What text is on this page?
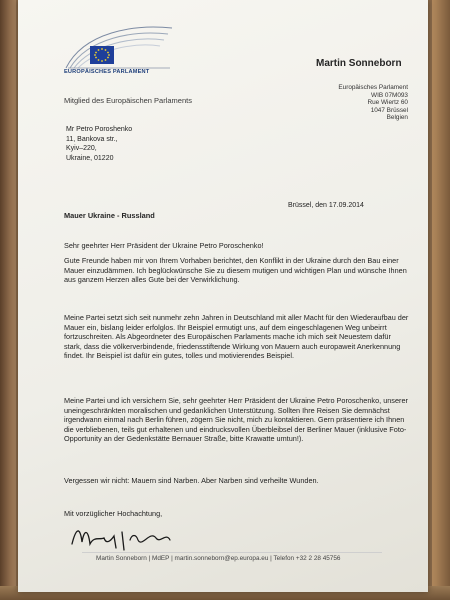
EUROPÄISCHES PARLAMENT
Mitglied des Europäischen Parlaments
Martin Sonneborn
Europäisches Parlament
WIB 07M093
Rue Wiertz 60
1047 Brüssel
Belgien
Mr Petro Poroshenko
11, Bankova str.,
Kyiv–220,
Ukraine, 01220
Brüssel, den 17.09.2014
Mauer Ukraine - Russland

Sehr geehrter Herr Präsident der Ukraine Petro Poroschenko!

Gute Freunde haben mir von Ihrem Vorhaben berichtet, den Konflikt in der Ukraine durch den Bau einer Mauer einzudämmen. Ich beglückwünsche Sie zu diesem mutigen und wichtigen Plan und wünsche Ihnen aus ganzem Herzen alles Gute bei der Verwirklichung.

Meine Partei setzt sich seit nunmehr zehn Jahren in Deutschland mit aller Macht für den Wiederaufbau der Mauer ein, bislang leider erfolglos. Ihr Beispiel ermutigt uns, auf dem eingeschlagenen Weg unbeirrt fortzuschreiten. Als Abgeordneter des Europäischen Parlaments mache ich mich seit Neuestem dafür stark, dass die völkerverbindende, friedensstiftende Wirkung von Mauern auch europaweit Anerkennung findet. Ihr Beispiel ist dafür ein gutes, tolles und motivierendes Beispiel.

Meine Partei und ich versichern Sie, sehr geehrter Herr Präsident der Ukraine Petro Poroschenko, unserer uneingeschränkten moralischen und gedanklichen Unterstützung. Sollten Ihre Reisen Sie demnächst irgendwann einmal nach Berlin führen, zögern Sie nicht, mich zu kontaktieren. Gern präsentiere ich Ihnen die verbliebenen, teils gut erhaltenen und eindrucksvollen Überbleibsel der Berliner Mauer (inklusive Foto-Opportunity an der Gedenkstätte Bernauer Straße, bitte Krawatte umtun!).

Vergessen wir nicht: Mauern sind Narben. Aber Narben sind verheilte Wunden.

Mit vorzüglicher Hochachtung,

Martin Sonneborn | MdEP | martin.sonneborn@ep.europa.eu | Telefon +32 2 28 45756
